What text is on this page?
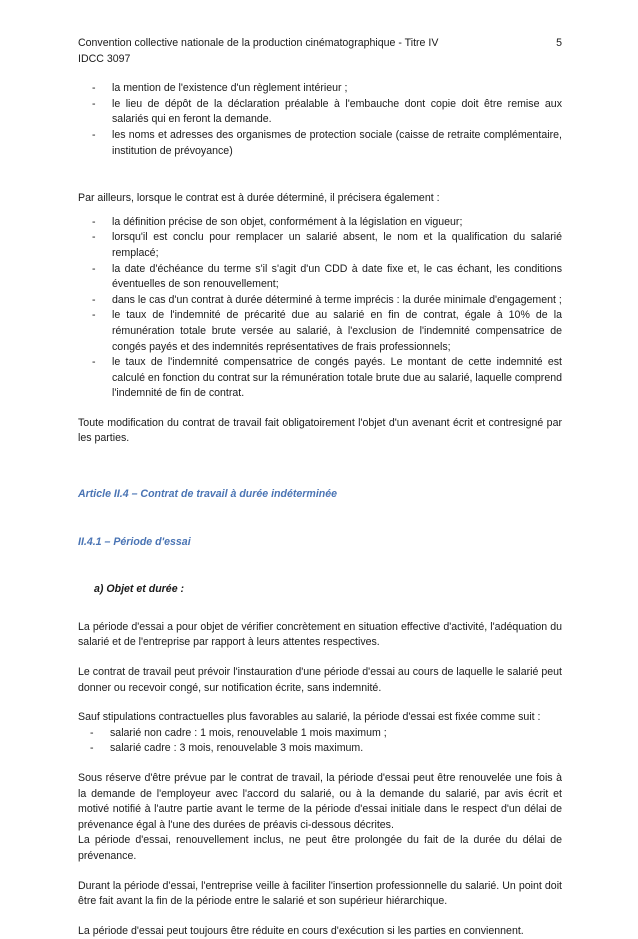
Convention collective nationale de la production cinématographique - Titre IV
IDCC 3097
5
- la mention de l'existence d'un règlement intérieur ;
- le lieu de dépôt de la déclaration préalable à l'embauche dont copie doit être remise aux salariés qui en feront la demande.
- les noms et adresses des organismes de protection sociale (caisse de retraite complémentaire, institution de prévoyance)

Par ailleurs, lorsque le contrat est à durée déterminé, il précisera également :

- la définition précise de son objet, conformément à la législation en vigueur;
- lorsqu'il est conclu pour remplacer un salarié absent, le nom et la qualification du salarié remplacé;
- la date d'échéance du terme s'il s'agit d'un CDD à date fixe et, le cas échant, les conditions éventuelles de son renouvellement;
- dans le cas d'un contrat à durée déterminé à terme imprécis : la durée minimale d'engagement ;
- le taux de l'indemnité de précarité due au salarié en fin de contrat, égale à 10% de la rémunération totale brute versée au salarié, à l'exclusion de l'indemnité compensatrice de congés payés et des indemnités représentatives de frais professionnels;
- le taux de l'indemnité compensatrice de congés payés. Le montant de cette indemnité est calculé en fonction du contrat sur la rémunération totale brute due au salarié, laquelle comprend l'indemnité de fin de contrat.

Toute modification du contrat de travail fait obligatoirement l'objet d'un avenant écrit et contresigné par les parties.

Article II.4 – Contrat de travail à durée indéterminée
II.4.1 – Période d'essai
a) Objet et durée :

La période d'essai a pour objet de vérifier concrètement en situation effective d'activité, l'adéquation du salarié et de l'entreprise par rapport à leurs attentes respectives.

Le contrat de travail peut prévoir l'instauration d'une période d'essai au cours de laquelle le salarié peut donner ou recevoir congé, sur notification écrite, sans indemnité.

Sauf stipulations contractuelles plus favorables au salarié, la période d'essai est fixée comme suit :

- salarié non cadre : 1 mois, renouvelable 1 mois maximum ;
- salarié cadre : 3 mois, renouvelable 3 mois maximum.

Sous réserve d'être prévue par le contrat de travail, la période d'essai peut être renouvelée une fois à la demande de l'employeur avec l'accord du salarié, ou à la demande du salarié, par avis écrit et motivé notifié à l'autre partie avant le terme de la période d'essai initiale dans le respect d'un délai de prévenance égal à l'une des durées de préavis ci-dessous décrites.

La période d'essai, renouvellement inclus, ne peut être prolongée du fait de la durée du délai de prévenance.

Durant la période d'essai, l'entreprise veille à faciliter l'insertion professionnelle du salarié. Un point doit être fait avant la fin de la période entre le salarié et son supérieur hiérarchique.

La période d'essai peut toujours être réduite en cours d'exécution si les parties en conviennent.
